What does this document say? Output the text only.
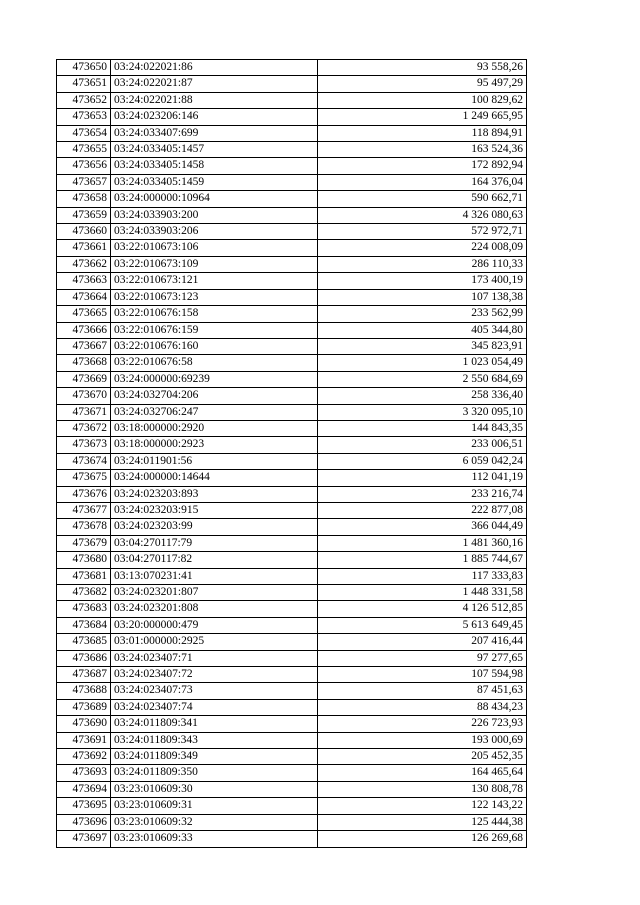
473650	03:24:022021:86	93 558,26
473651	03:24:022021:87	95 497,29
473652	03:24:022021:88	100 829,62
473653	03:24:023206:146	1 249 665,95
473654	03:24:033407:699	118 894,91
473655	03:24:033405:1457	163 524,36
473656	03:24:033405:1458	172 892,94
473657	03:24:033405:1459	164 376,04
473658	03:24:000000:10964	590 662,71
473659	03:24:033903:200	4 326 080,63
473660	03:24:033903:206	572 972,71
473661	03:22:010673:106	224 008,09
473662	03:22:010673:109	286 110,33
473663	03:22:010673:121	173 400,19
473664	03:22:010673:123	107 138,38
473665	03:22:010676:158	233 562,99
473666	03:22:010676:159	405 344,80
473667	03:22:010676:160	345 823,91
473668	03:22:010676:58	1 023 054,49
473669	03:24:000000:69239	2 550 684,69
473670	03:24:032704:206	258 336,40
473671	03:24:032706:247	3 320 095,10
473672	03:18:000000:2920	144 843,35
473673	03:18:000000:2923	233 006,51
473674	03:24:011901:56	6 059 042,24
473675	03:24:000000:14644	112 041,19
473676	03:24:023203:893	233 216,74
473677	03:24:023203:915	222 877,08
473678	03:24:023203:99	366 044,49
473679	03:04:270117:79	1 481 360,16
473680	03:04:270117:82	1 885 744,67
473681	03:13:070231:41	117 333,83
473682	03:24:023201:807	1 448 331,58
473683	03:24:023201:808	4 126 512,85
473684	03:20:000000:479	5 613 649,45
473685	03:01:000000:2925	207 416,44
473686	03:24:023407:71	97 277,65
473687	03:24:023407:72	107 594,98
473688	03:24:023407:73	87 451,63
473689	03:24:023407:74	88 434,23
473690	03:24:011809:341	226 723,93
473691	03:24:011809:343	193 000,69
473692	03:24:011809:349	205 452,35
473693	03:24:011809:350	164 465,64
473694	03:23:010609:30	130 808,78
473695	03:23:010609:31	122 143,22
473696	03:23:010609:32	125 444,38
473697	03:23:010609:33	126 269,68
